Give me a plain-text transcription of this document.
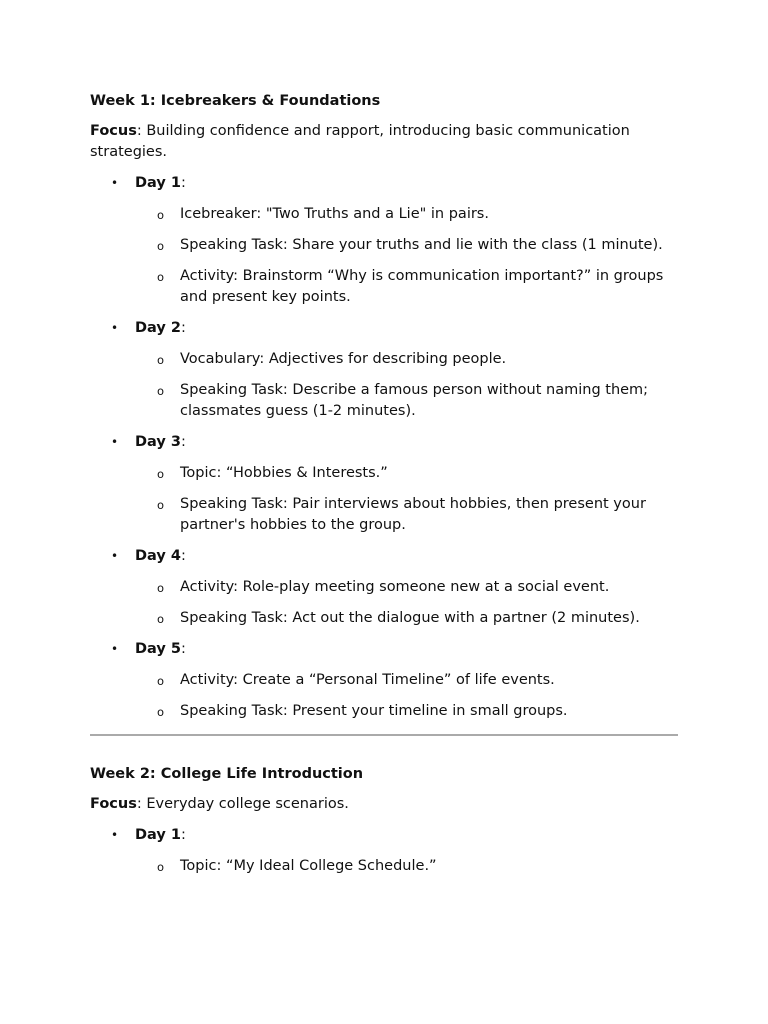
Week 1: Icebreakers & Foundations

Focus: Building confidence and rapport, introducing basic communication strategies.

• Day 1:
o Icebreaker: "Two Truths and a Lie" in pairs.
o Speaking Task: Share your truths and lie with the class (1 minute).
o Activity: Brainstorm “Why is communication important?” in groups and present key points.
• Day 2:
o Vocabulary: Adjectives for describing people.
o Speaking Task: Describe a famous person without naming them; classmates guess (1-2 minutes).
• Day 3:
o Topic: “Hobbies & Interests.”
o Speaking Task: Pair interviews about hobbies, then present your partner's hobbies to the group.
• Day 4:
o Activity: Role-play meeting someone new at a social event.
o Speaking Task: Act out the dialogue with a partner (2 minutes).
• Day 5:
o Activity: Create a “Personal Timeline” of life events.
o Speaking Task: Present your timeline in small groups.
Week 2: College Life Introduction

Focus: Everyday college scenarios.

• Day 1:
o Topic: “My Ideal College Schedule.”
